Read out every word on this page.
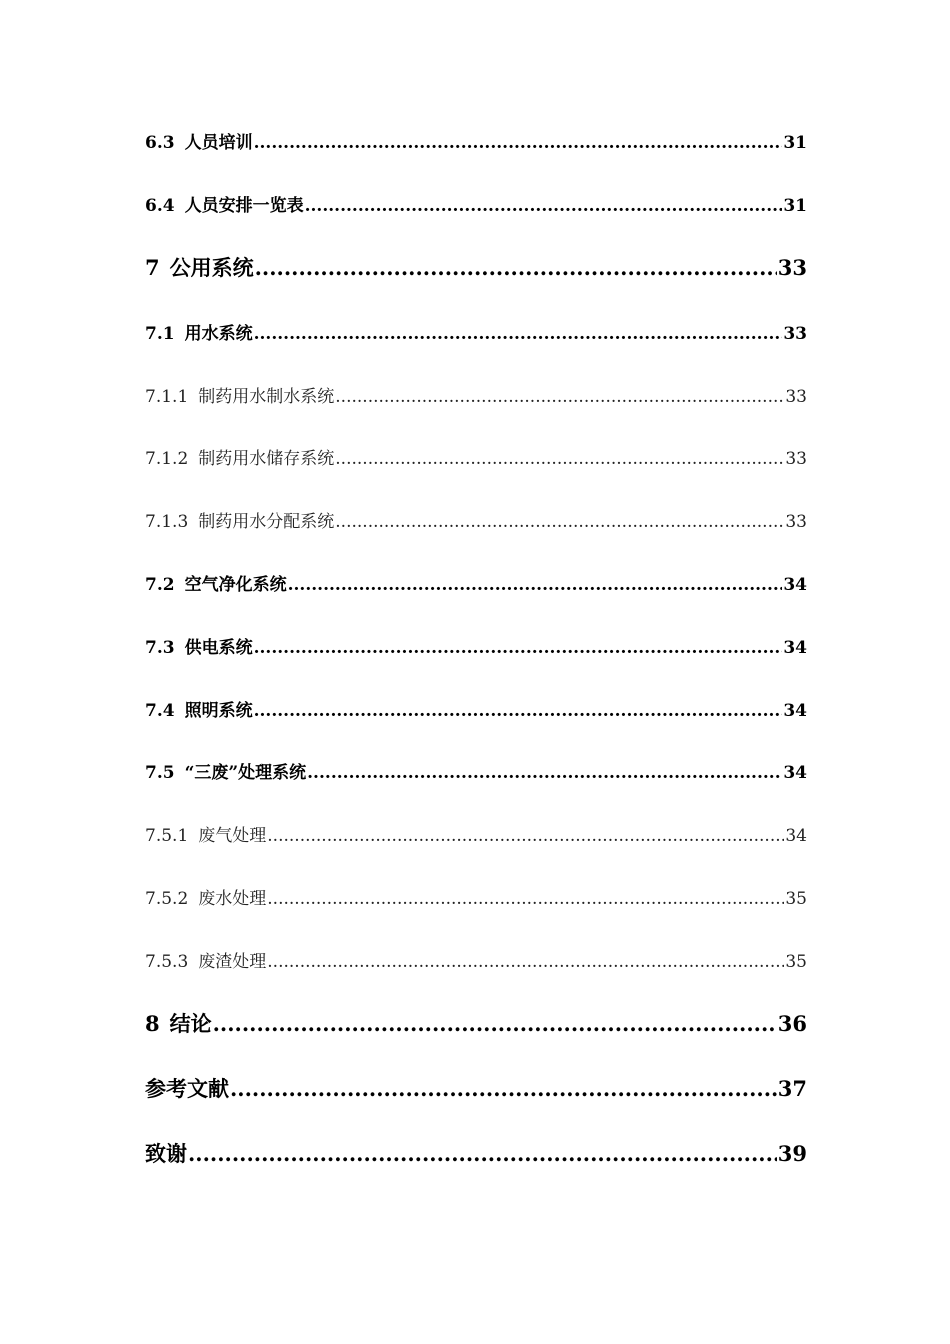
6.3 人员培训 .....	31
6.4 人员安排一览表 .....	31
7 公用系统 .....	33
7.1 用水系统 .....	33
7.1.1 制药用水制水系统 .....	33
7.1.2 制药用水储存系统 .....	33
7.1.3 制药用水分配系统 .....	33
7.2 空气净化系统 .....	34
7.3 供电系统 .....	34
7.4 照明系统 .....	34
7.5 “三废”处理系统 .....	34
7.5.1 废气处理 .....	34
7.5.2 废水处理 .....	35
7.5.3 废渣处理 .....	35
8 结论 .....	36
参考文献 .....	37
致谢 .....	39
